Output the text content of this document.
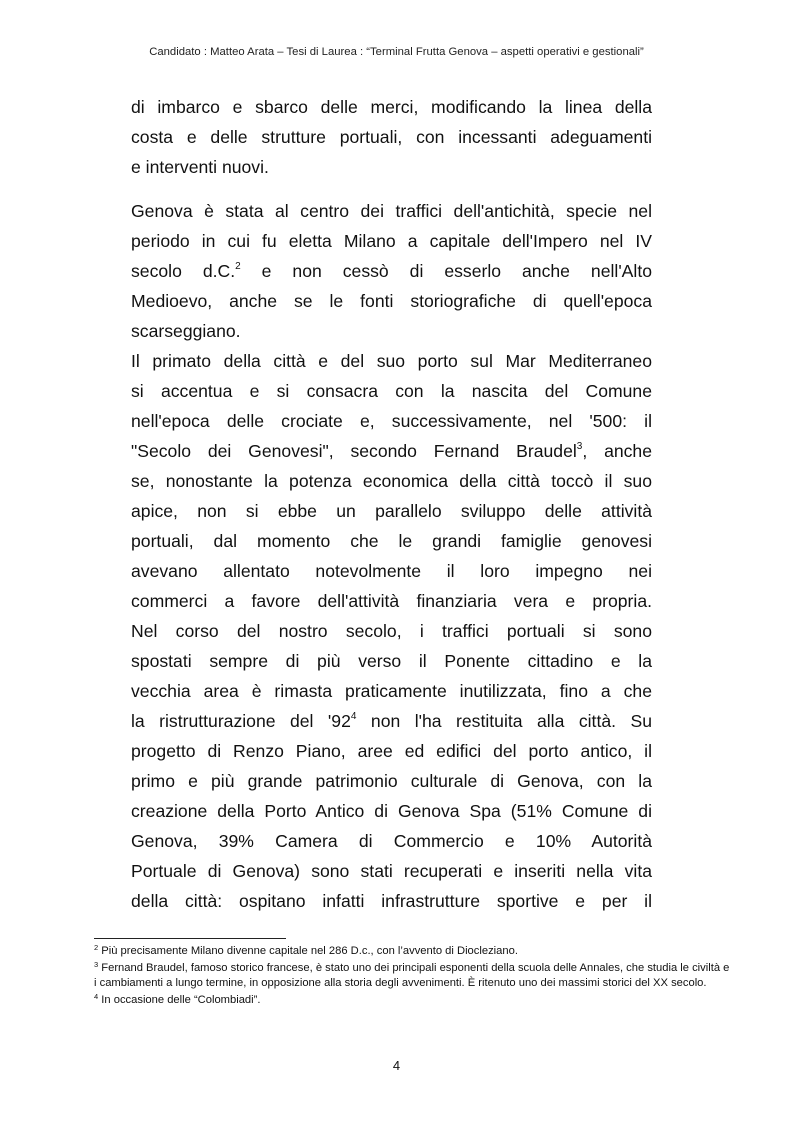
Candidato : Matteo Arata – Tesi di Laurea : “Terminal Frutta Genova – aspetti operativi e gestionali”
di imbarco e sbarco delle merci, modificando la linea della
costa e delle strutture portuali, con incessanti adeguamenti
e interventi nuovi.
Genova è stata al centro dei traffici dell'antichità, specie nel
periodo in cui fu eletta Milano a capitale dell'Impero nel IV
secolo d.C.$^2$ e non cessò di esserlo anche nell'Alto
Medioevo, anche se le fonti storiografiche di quell'epoca
scarseggiano.
Il primato della città e del suo porto sul Mar Mediterraneo
si accentua e si consacra con la nascita del Comune
nell'epoca delle crociate e, successivamente, nel '500: il
"Secolo dei Genovesi", secondo Fernand Braudel$^3$, anche
se, nonostante la potenza economica della città toccò il suo
apice, non si ebbe un parallelo sviluppo delle attività
portuali, dal momento che le grandi famiglie genovesi
avevano allentato notevolmente il loro impegno nei
commerci a favore dell'attività finanziaria vera e propria.
Nel corso del nostro secolo, i traffici portuali si sono
spostati sempre di più verso il Ponente cittadino e la
vecchia area è rimasta praticamente inutilizzata, fino a che
la ristrutturazione del '$92^4$ non l'ha restituita alla città. Su
progetto di Renzo Piano, aree ed edifici del porto antico, il
primo e più grande patrimonio culturale di Genova, con la
creazione della Porto Antico di Genova Spa (51% Comune di
Genova, 39% Camera di Commercio e 10% Autorità
Portuale di Genova) sono stati recuperati e inseriti nella vita
della città: ospitano infatti infrastrutture sportive e per il

$^2$ Più precisamente Milano divenne capitale nel 286 D.c., con l’avvento di Diocleziano.

$^3$ Fernand Braudel, famoso storico francese, è stato uno dei principali esponenti della scuola delle Annales, che studia le civiltà e i cambiamenti a lungo termine, in opposizione alla storia degli avvenimenti. È ritenuto uno dei massimi storici del XX secolo.

$^4$ In occasione delle “Colombiadi”.

4
